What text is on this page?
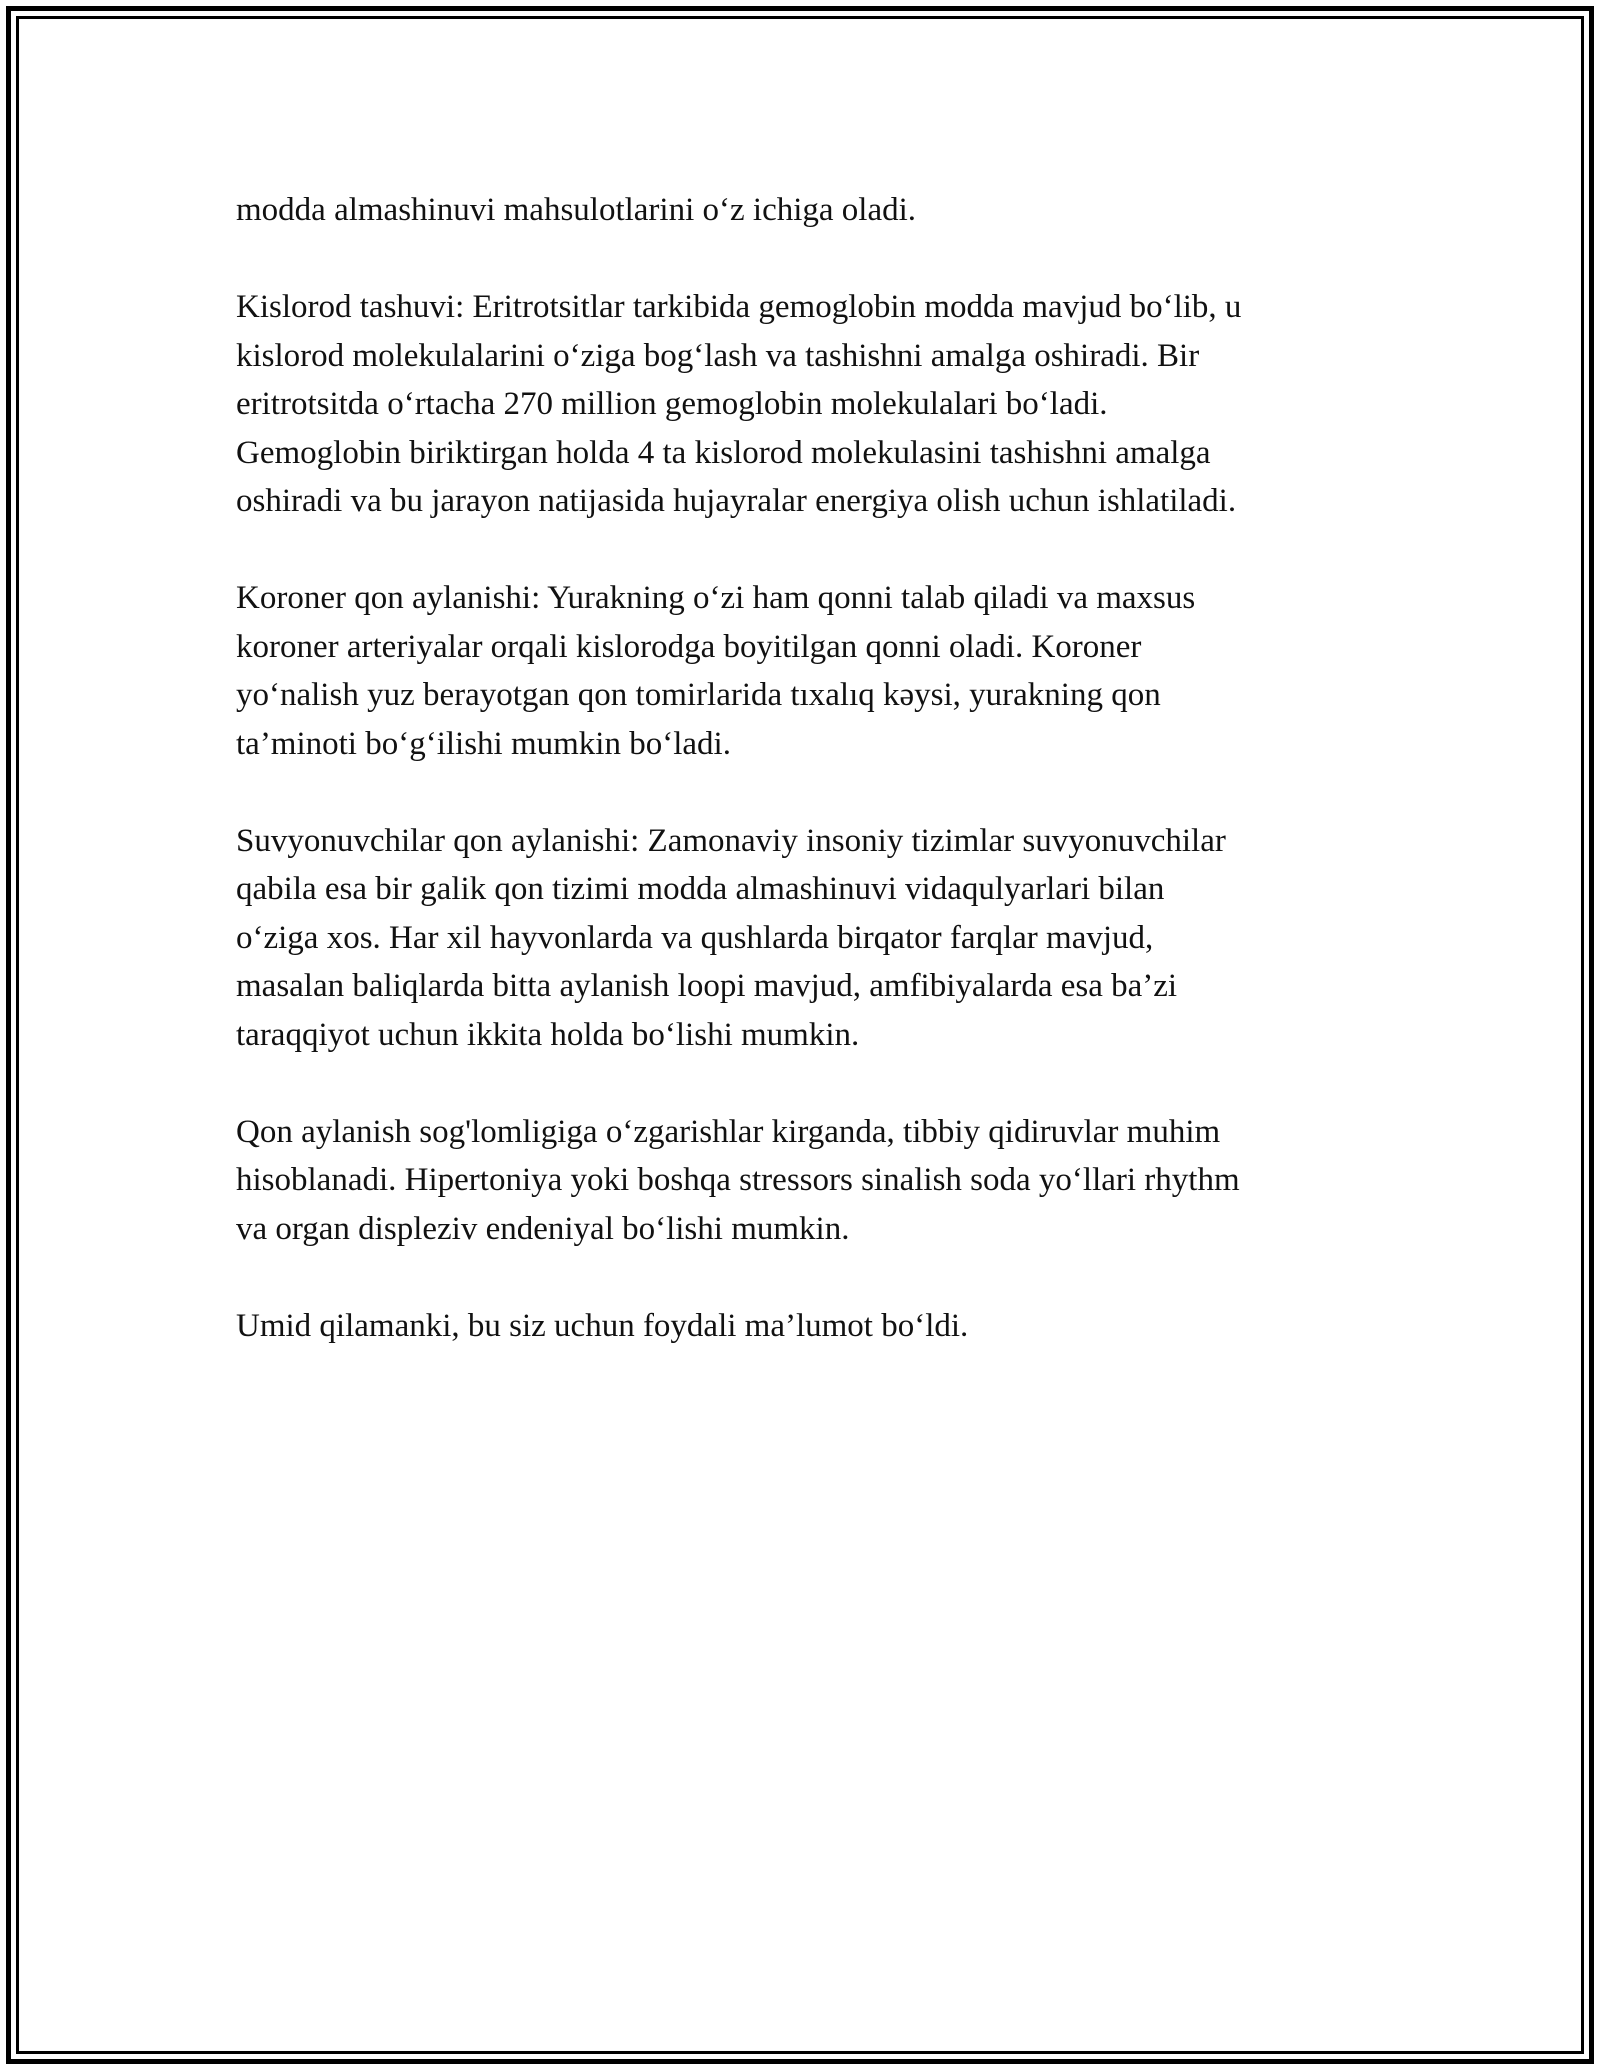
modda almashinuvi mahsulotlarini o‘z ichiga oladi.

Kislorod tashuvi: Eritrotsitlar tarkibida gemoglobin modda mavjud bo‘lib, u
kislorod molekulalarini o‘ziga bog‘lash va tashishni amalga oshiradi. Bir
eritrotsitda o‘rtacha 270 million gemoglobin molekulalari bo‘ladi.
Gemoglobin biriktirgan holda 4 ta kislorod molekulasini tashishni amalga
oshiradi va bu jarayon natijasida hujayralar energiya olish uchun ishlatiladi.

Koroner qon aylanishi: Yurakning o‘zi ham qonni talab qiladi va maxsus
koroner arteriyalar orqali kislorodga boyitilgan qonni oladi. Koroner
yo‘nalish yuz berayotgan qon tomirlarida tıxalıq kəysi, yurakning qon
ta’minoti bo‘g‘ilishi mumkin bo‘ladi.

Suvyonuvchilar qon aylanishi: Zamonaviy insoniy tizimlar suvyonuvchilar
qabila esa bir galik qon tizimi modda almashinuvi vidaqulyarlari bilan
o‘ziga xos. Har xil hayvonlarda va qushlarda birqator farqlar mavjud,
masalan baliqlarda bitta aylanish loopi mavjud, amfibiyalarda esa ba’zi
taraqqiyot uchun ikkita holda bo‘lishi mumkin.

Qon aylanish sog'lomligiga o‘zgarishlar kirganda, tibbiy qidiruvlar muhim
hisoblanadi. Hipertoniya yoki boshqa stressors sinalish soda yo‘llari rhythm
va organ displeziv endeniyal bo‘lishi mumkin.

Umid qilamanki, bu siz uchun foydali ma’lumot bo‘ldi.
